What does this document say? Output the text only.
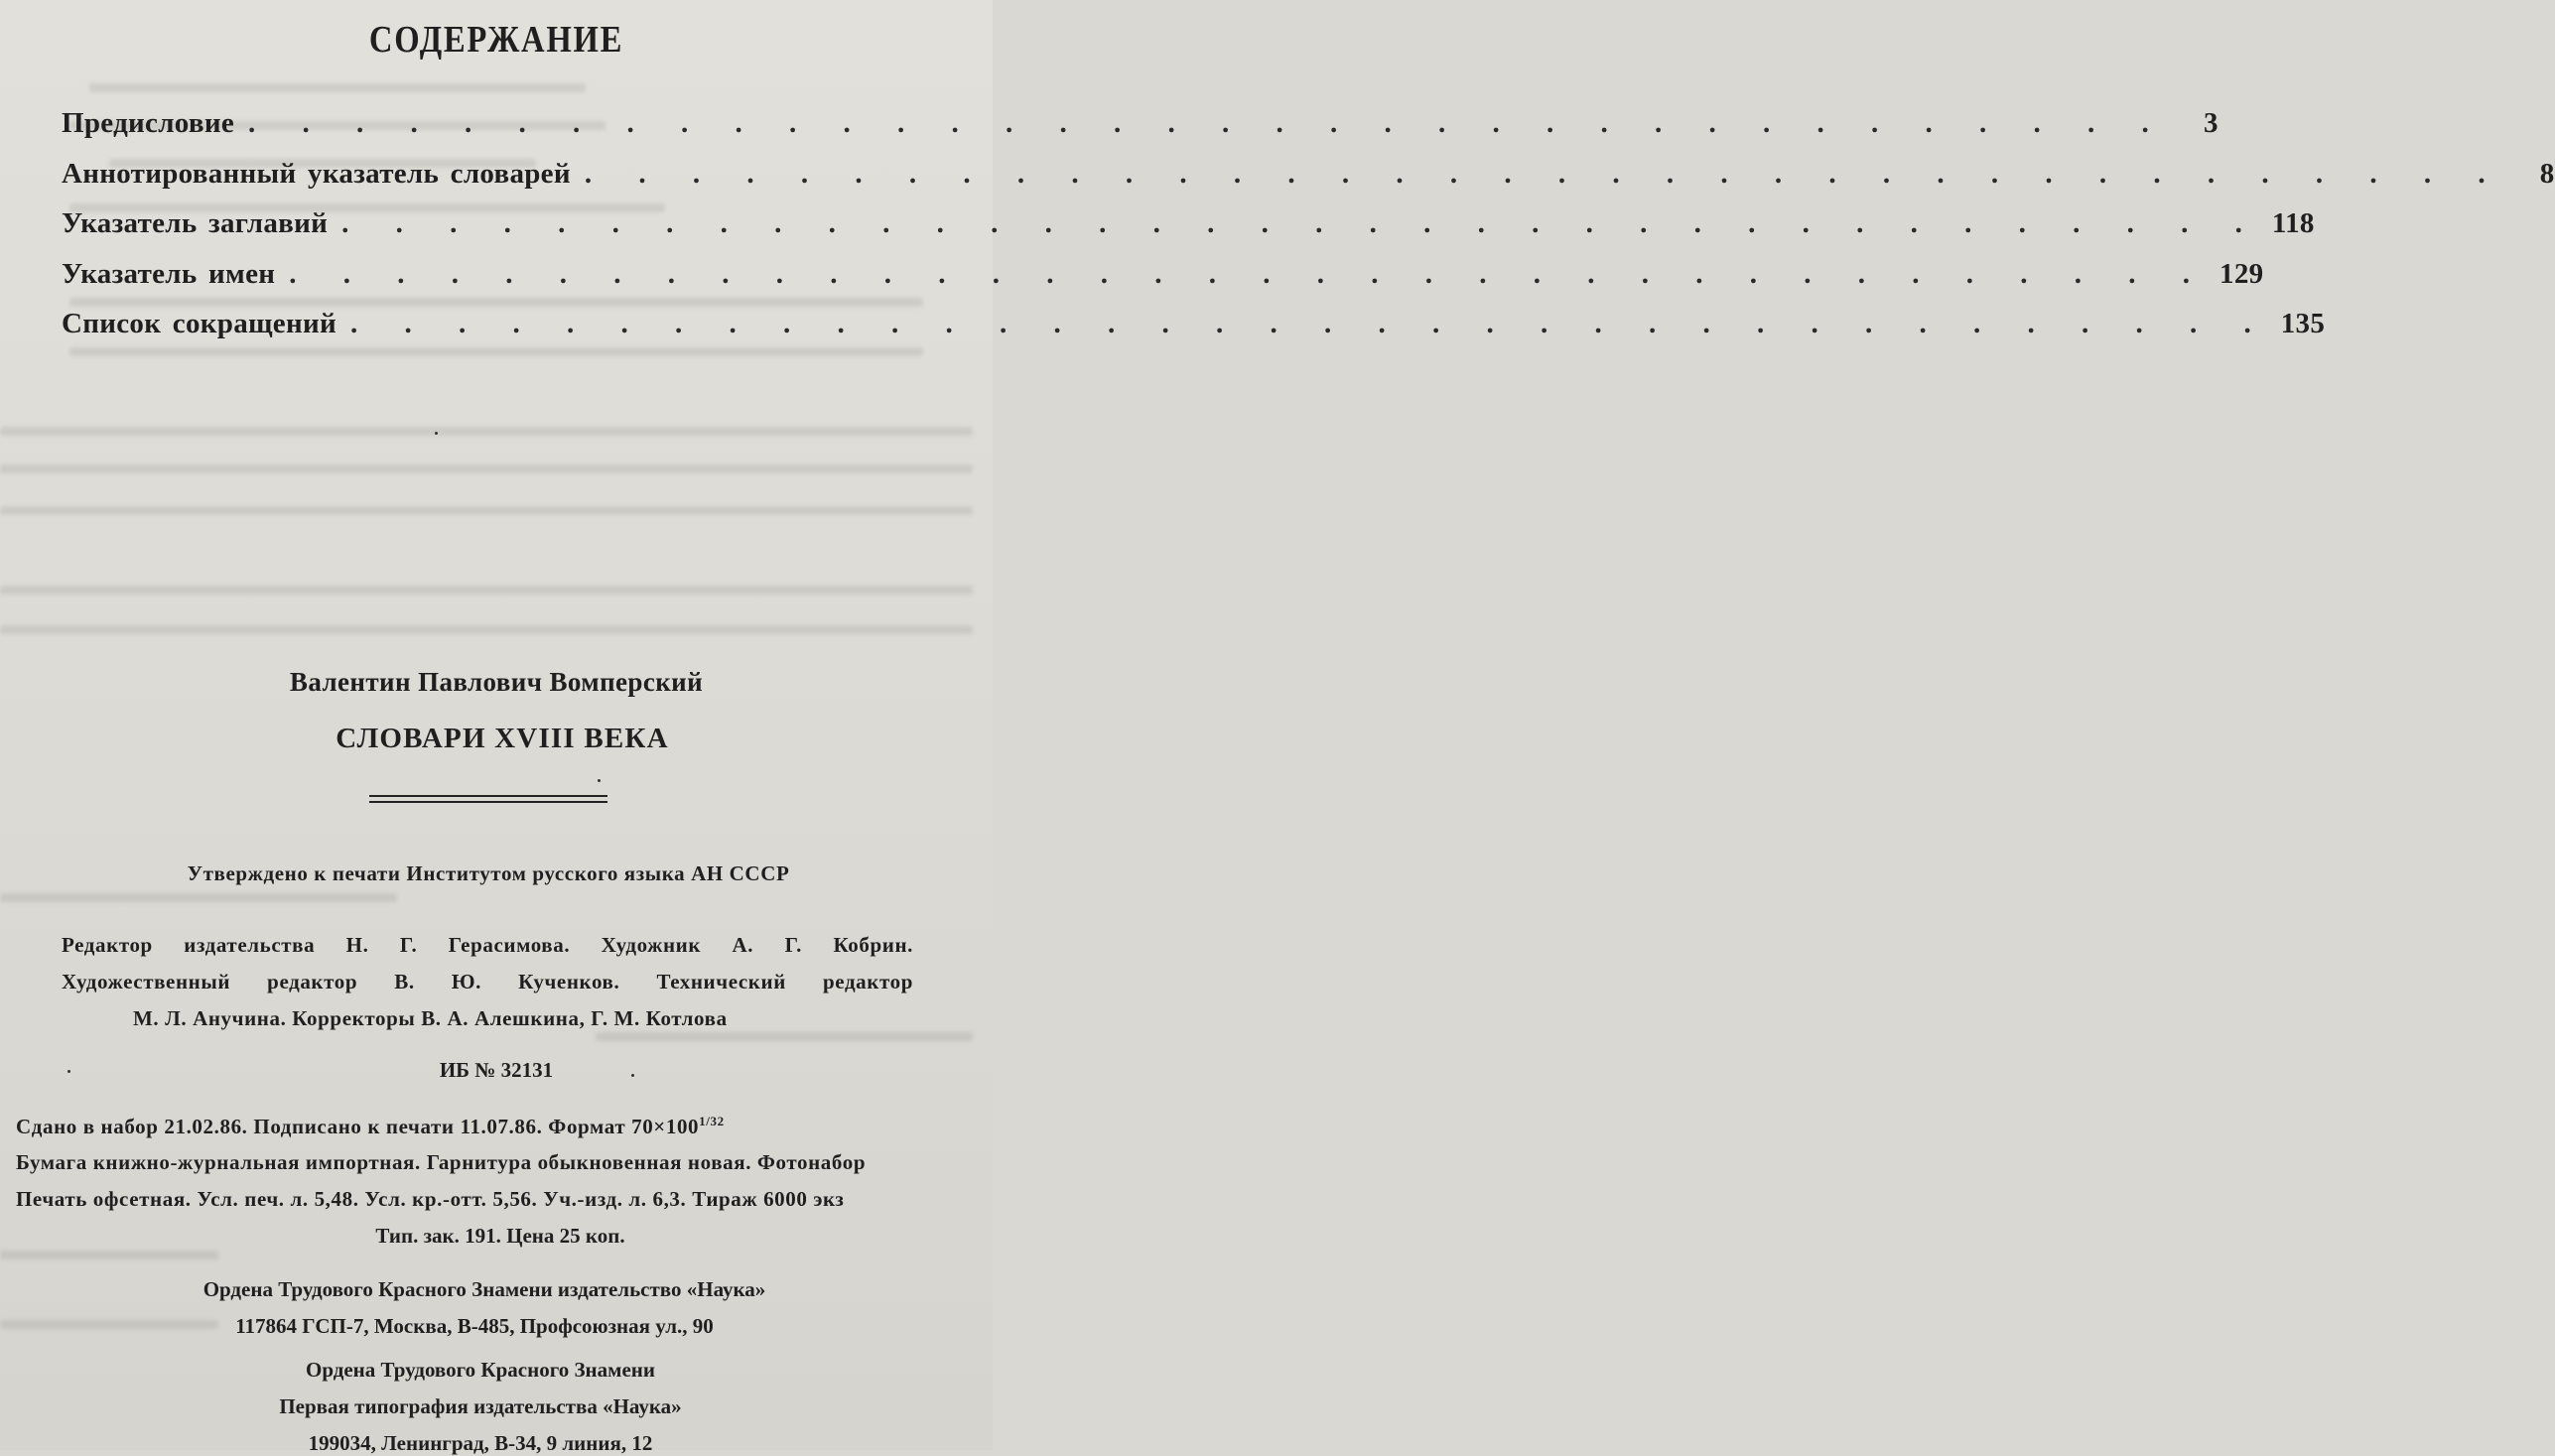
СОДЕРЖАНИЕ
Предисловие . . . . . . . . . . . . . . . . . . . . . . . . . . . . . . . . . . . .	3
Аннотированный указатель словарей . . . . . . . . . . . . . . . . . . . . . . . . . . . . . . . . . . . .	8
Указатель заглавий . . . . . . . . . . . . . . . . . . . . . . . . . . . . . . . . . . . . 118
Указатель имен . . . . . . . . . . . . . . . . . . . . . . . . . . . . . . . . . . . . 129
Список сокращений . . . . . . . . . . . . . . . . . . . . . . . . . . . . . . . . . . . . 135
Валентин Павлович Вомперский
СЛОВАРИ XVIII ВЕКА
Утверждено к печати Институтом русского языка АН СССР
Редактор издательства Н. Г. Герасимова. Художник А. Г. Кобрин.
Художественный редактор В. Ю. Кученков. Технический редактор
М. Л. Анучина. Корректоры В. А. Алешкина, Г. М. Котлова
ИБ № 32131
Сдано в набор 21.02.86. Подписано к печати 11.07.86. Формат $70\times 100^{1/32}$
Бумага книжно-журнальная импортная. Гарнитура обыкновенная новая. Фотонабор
Печать офсетная. Усл. печ. л. 5,48. Усл. кр.-отт. 5,56. Уч.-изд. л. 6,3. Тираж 6000 экз
Тип. зак. 191. Цена 25 коп.
Ордена Трудового Красного Знамени издательство «Наука»
117864 ГСП-7, Москва, В-485, Профсоюзная ул., 90
Ордена Трудового Красного Знамени
Первая типография издательства «Наука»
199034, Ленинград, В-34, 9 линия, 12
